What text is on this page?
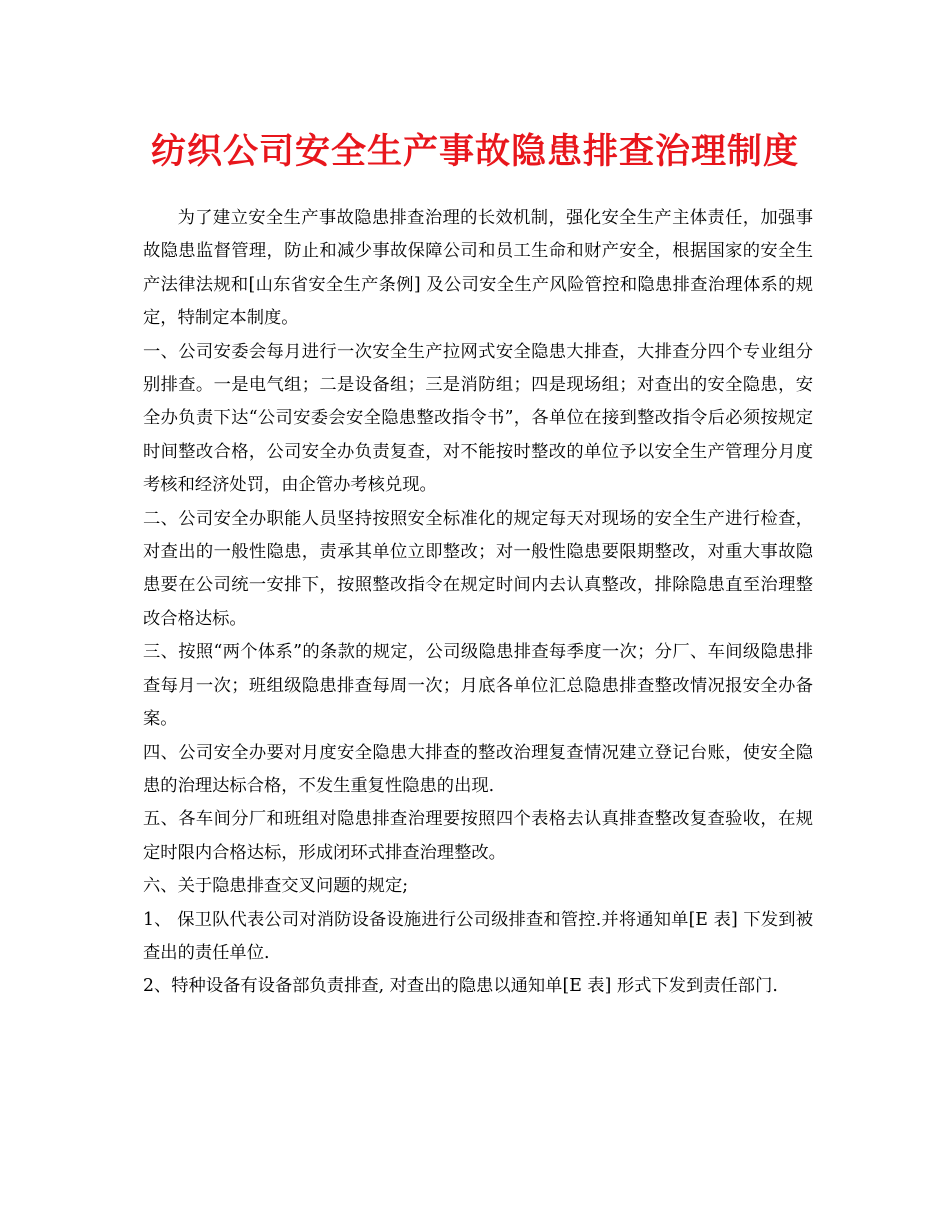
纺织公司安全生产事故隐患排查治理制度

为了建立安全生产事故隐患排查治理的长效机制，强化安全生产主体责任，加强事故隐患监督管理，防止和减少事故保障公司和员工生命和财产安全，根据国家的安全生产法律法规和[山东省安全生产条例] 及公司安全生产风险管控和隐患排查治理体系的规定，特制定本制度。

一、公司安委会每月进行一次安全生产拉网式安全隐患大排查，大排查分四个专业组分别排查。一是电气组；二是设备组；三是消防组；四是现场组；对查出的安全隐患，安全办负责下达“公司安委会安全隐患整改指令书”，各单位在接到整改指令后必须按规定时间整改合格，公司安全办负责复查，对不能按时整改的单位予以安全生产管理分月度考核和经济处罚，由企管办考核兑现。

二、公司安全办职能人员坚持按照安全标准化的规定每天对现场的安全生产进行检查，对查出的一般性隐患，责承其单位立即整改；对一般性隐患要限期整改，对重大事故隐患要在公司统一安排下，按照整改指令在规定时间内去认真整改，排除隐患直至治理整改合格达标。

三、按照“两个体系”的条款的规定，公司级隐患排查每季度一次；分厂、车间级隐患排查每月一次；班组级隐患排查每周一次；月底各单位汇总隐患排查整改情况报安全办备案。

四、公司安全办要对月度安全隐患大排查的整改治理复查情况建立登记台账，使安全隐患的治理达标合格，不发生重复性隐患的出现.

五、各车间分厂和班组对隐患排查治理要按照四个表格去认真排查整改复查验收，在规定时限内合格达标，形成闭环式排查治理整改。

六、关于隐患排查交叉问题的规定;

1、 保卫队代表公司对消防设备设施进行公司级排查和管控.并将通知单[E 表] 下发到被查出的责任单位.

2、特种设备有设备部负责排查, 对查出的隐患以通知单[E 表] 形式下发到责任部门.
